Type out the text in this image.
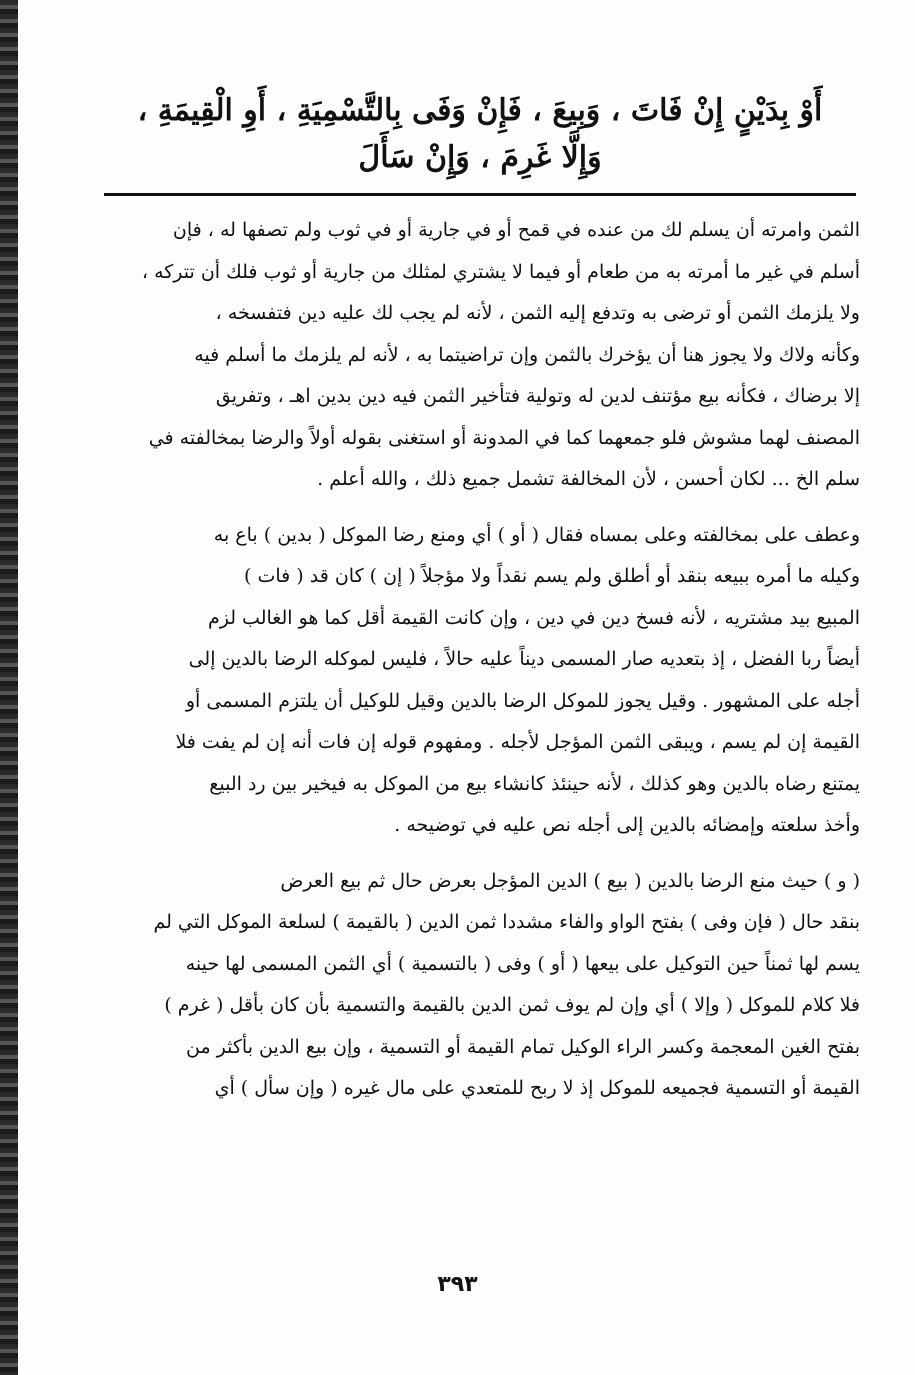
أَوْ بِدَيْنٍ إِنْ فَاتَ ، وَبِيعَ ، فَإِنْ وَفَى بِالتَّسْمِيَةِ ، أَوِ الْقِيمَةِ ،
وَإِلَّا غَرِمَ ، وَإِنْ سَأَلَ
الثمن وامرته أن يسلم لك من عنده في قمح أو في جارية أو في ثوب ولم تصفها له ، فإن
أسلم في غير ما أمرته به من طعام أو فيما لا يشتري لمثلك من جارية أو ثوب فلك أن تتركه ،
ولا يلزمك الثمن أو ترضى به وتدفع إليه الثمن ، لأنه لم يجب لك عليه دين فتفسخه ،
وكأنه ولاك ولا يجوز هنا أن يؤخرك بالثمن وإن تراضيتما به ، لأنه لم يلزمك ما أسلم فيه
إلا برضاك ، فكأنه بيع مؤتنف لدين له وتولية فتأخير الثمن فيه دين بدين اهـ ، وتفريق
المصنف لهما مشوش فلو جمعهما كما في المدونة أو استغنى بقوله أولاً والرضا بمخالفته في
سلم الخ ... لكان أحسن ، لأن المخالفة تشمل جميع ذلك ، والله أعلم .
وعطف على بمخالفته وعلى بمساه فقال ( أو ) أي ومنع رضا الموكل ( بدين ) باع به
وكيله ما أمره ببيعه بنقد أو أطلق ولم يسم نقداً ولا مؤجلاً ( إن ) كان قد ( فات )
المبيع بيد مشتريه ، لأنه فسخ دين في دين ، وإن كانت القيمة أقل كما هو الغالب لزم
أيضاً ربا الفضل ، إذ بتعديه صار المسمى ديناً عليه حالاً ، فليس لموكله الرضا بالدين إلى
أجله على المشهور . وقيل يجوز للموكل الرضا بالدين وقيل للوكيل أن يلتزم المسمى أو
القيمة إن لم يسم ، ويبقى الثمن المؤجل لأجله . ومفهوم قوله إن فات أنه إن لم يفت فلا
يمتنع رضاه بالدين وهو كذلك ، لأنه حينئذ كانشاء بيع من الموكل به فيخير بين رد البيع
وأخذ سلعته وإمضائه بالدين إلى أجله نص عليه في توضيحه .
( و ) حيث منع الرضا بالدين ( بيع ) الدين المؤجل بعرض حال ثم بيع العرض
بنقد حال ( فإن وفى ) بفتح الواو والفاء مشددا ثمن الدين ( بالقيمة ) لسلعة الموكل التي لم
يسم لها ثمناً حين التوكيل على بيعها ( أو ) وفى ( بالتسمية ) أي الثمن المسمى لها حينه
فلا كلام للموكل ( وإلا ) أي وإن لم يوف ثمن الدين بالقيمة والتسمية بأن كان بأقل ( غرم )
بفتح الغين المعجمة وكسر الراء الوكيل تمام القيمة أو التسمية ، وإن بيع الدين بأكثر من
القيمة أو التسمية فجميعه للموكل إذ لا ربح للمتعدي على مال غيره ( وإن سأل ) أي
٣٩٣
